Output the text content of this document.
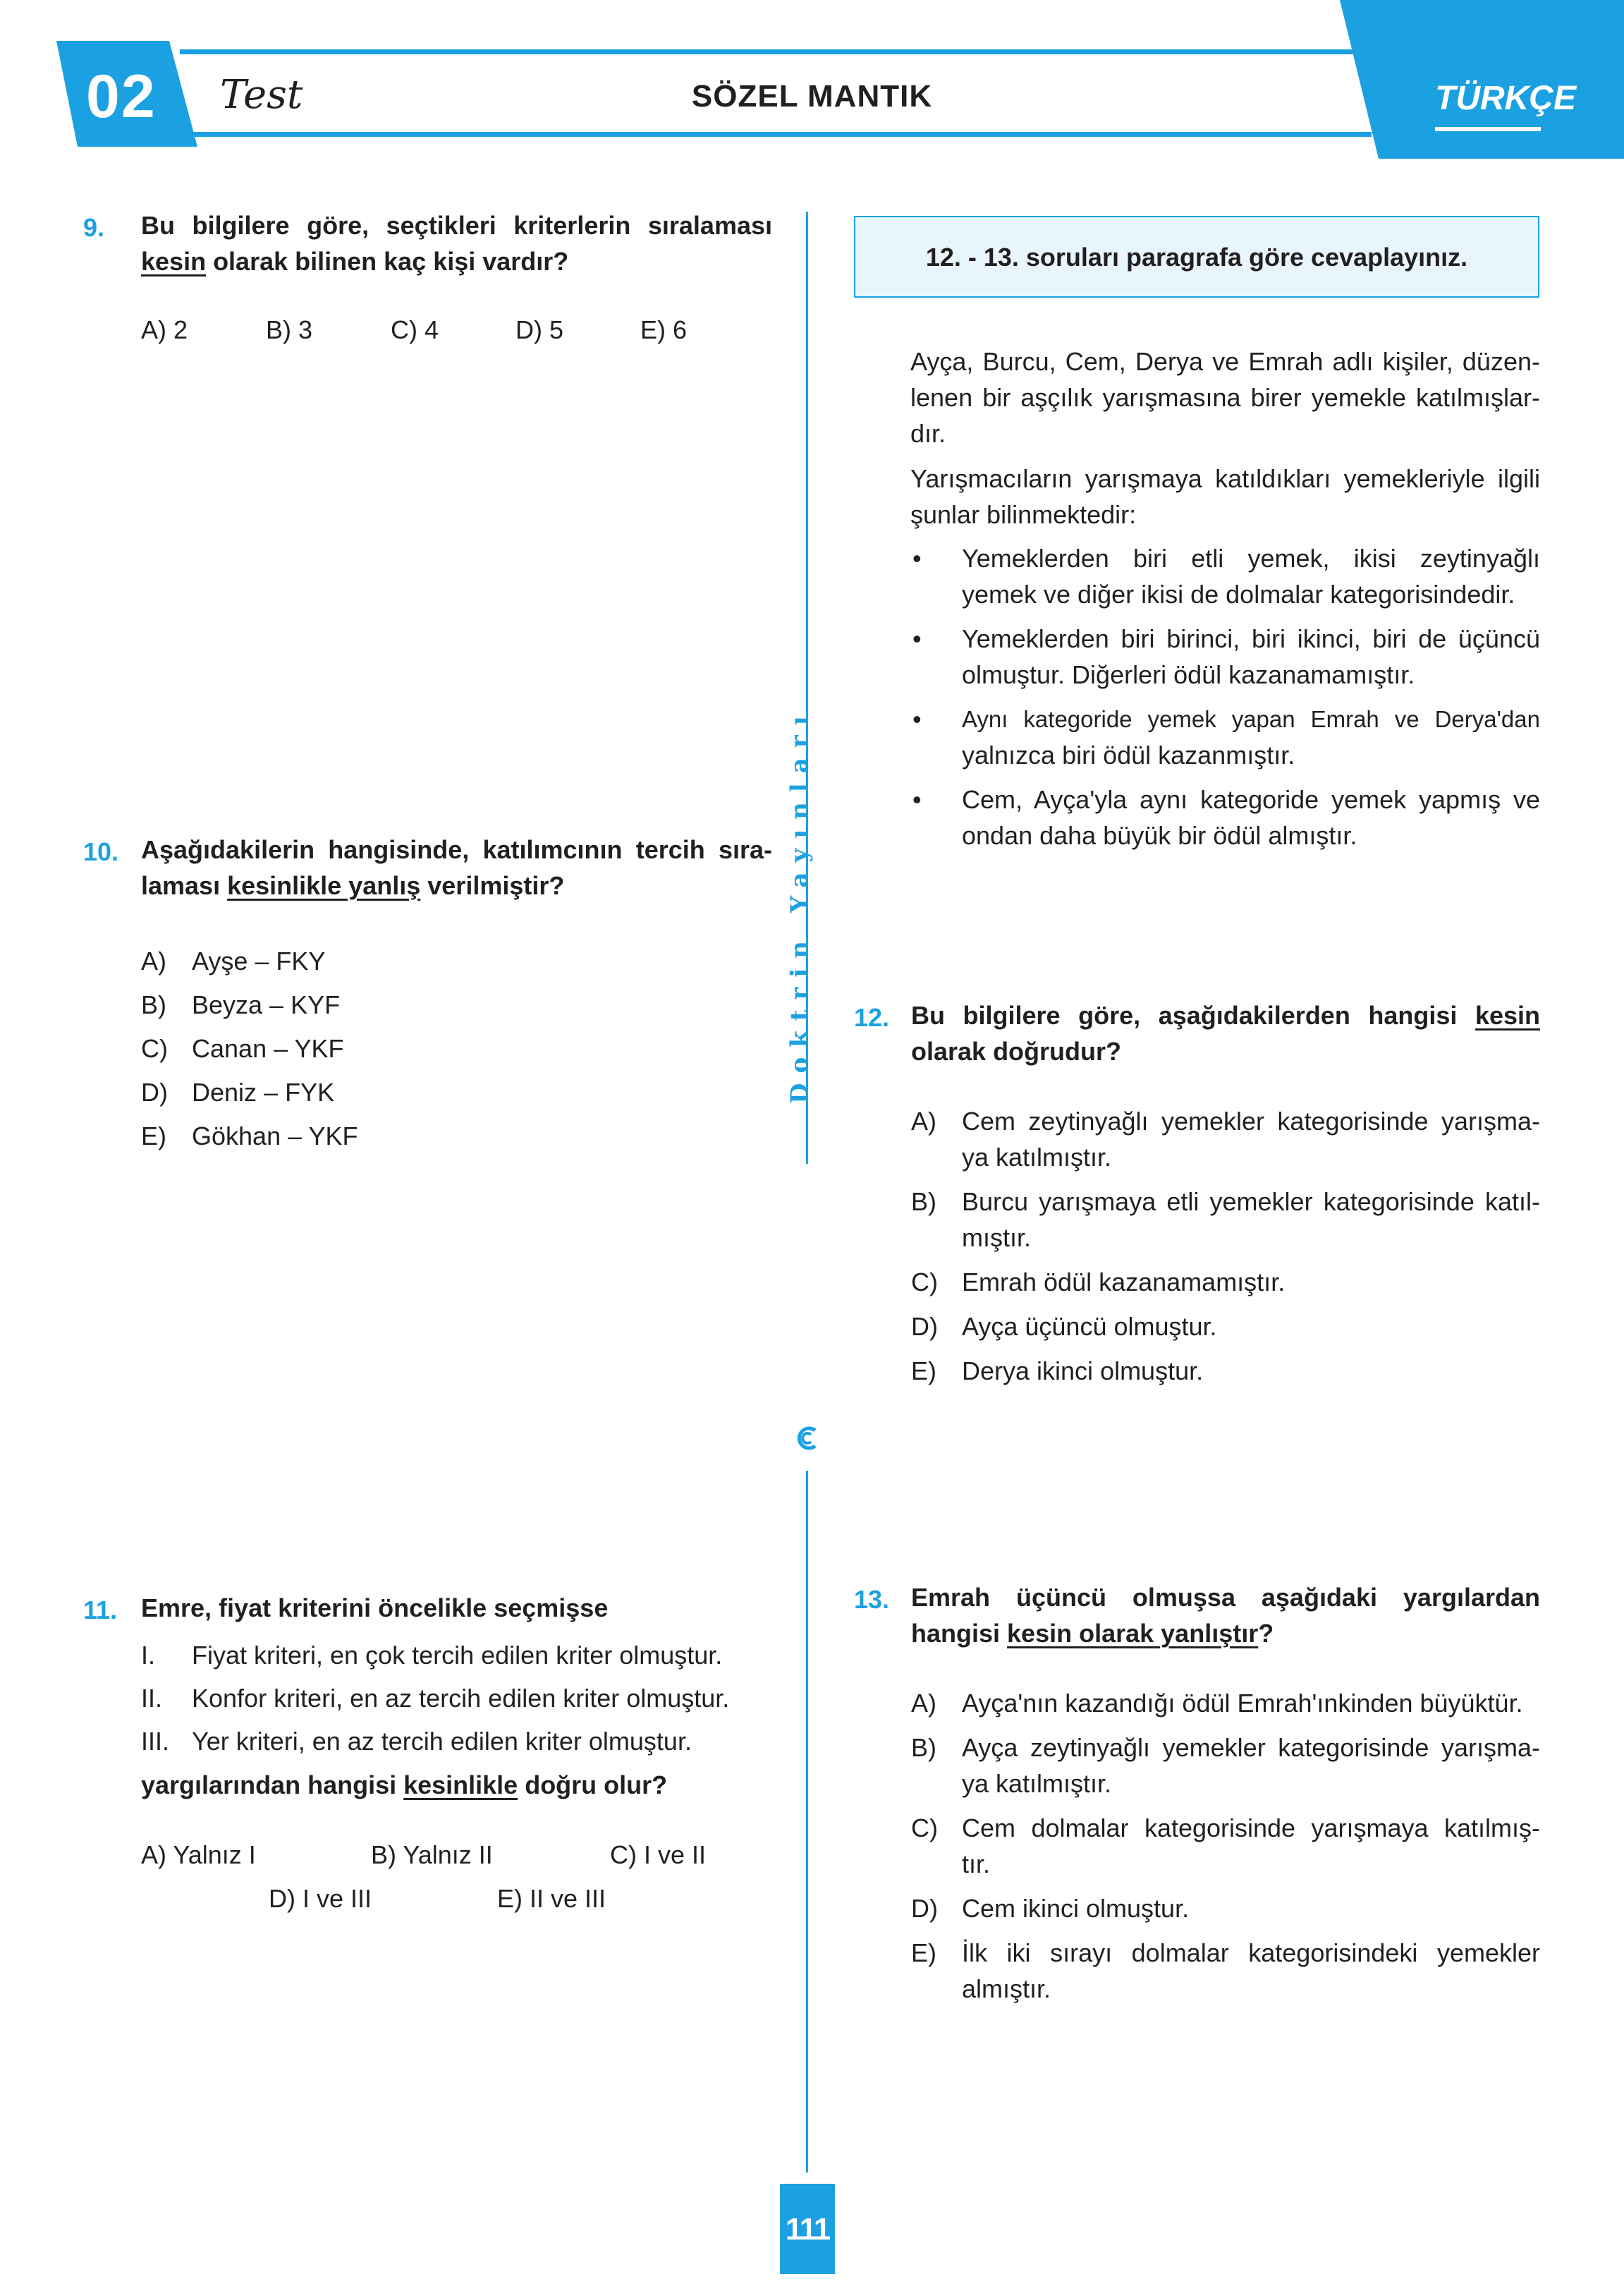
02 Test	SÖZEL MANTIK	TÜRKÇE
Doktrin Yayınları
9. Bu bilgilere göre, seçtikleri kriterlerin sıralaması
kesin olarak bilinen kaç kişi vardır?
A) 2	B) 3	C) 4	D) 5	E) 6
10. Aşağıdakilerin hangisinde, katılımcının tercih sıra-
laması kesinlikle yanlış verilmiştir?
A) Ayşe – FKY
B) Beyza – KYF
C) Canan – YKF
D) Deniz – FYK
E) Gökhan – YKF
11. Emre, fiyat kriterini öncelikle seçmişse
I. Fiyat kriteri, en çok tercih edilen kriter olmuştur.
II. Konfor kriteri, en az tercih edilen kriter olmuştur.
III. Yer kriteri, en az tercih edilen kriter olmuştur.
yargılarından hangisi kesinlikle doğru olur?
A) Yalnız I	B) Yalnız II	C) I ve II
D) I ve III	E) II ve III
12. - 13. soruları paragrafa göre cevaplayınız.
Ayça, Burcu, Cem, Derya ve Emrah adlı kişiler, düzen-
lenen bir aşçılık yarışmasına birer yemekle katılmışlar-
dır.
Yarışmacıların yarışmaya katıldıkları yemekleriyle ilgili
şunlar bilinmektedir:
• Yemeklerden biri etli yemek, ikisi zeytinyağlı
yemek ve diğer ikisi de dolmalar kategorisindedir.
• Yemeklerden biri birinci, biri ikinci, biri de üçüncü
olmuştur. Diğerleri ödül kazanamamıştır.
• Aynı kategoride yemek yapan Emrah ve Derya'dan
yalnızca biri ödül kazanmıştır.
• Cem, Ayça'yla aynı kategoride yemek yapmış ve
ondan daha büyük bir ödül almıştır.
12. Bu bilgilere göre, aşağıdakilerden hangisi kesin
olarak doğrudur?
A) Cem zeytinyağlı yemekler kategorisinde yarışma-
ya katılmıştır.
B) Burcu yarışmaya etli yemekler kategorisinde katıl-
mıştır.
C) Emrah ödül kazanamamıştır.
D) Ayça üçüncü olmuştur.
E) Derya ikinci olmuştur.
13. Emrah üçüncü olmuşsa aşağıdaki yargılardan
hangisi kesin olarak yanlıştır?
A) Ayça'nın kazandığı ödül Emrah'ınkinden büyüktür.
B) Ayça zeytinyağlı yemekler kategorisinde yarışma-
ya katılmıştır.
C) Cem dolmalar kategorisinde yarışmaya katılmış-
tır.
D) Cem ikinci olmuştur.
E) İlk iki sırayı dolmalar kategorisindeki yemekler
almıştır.
111
